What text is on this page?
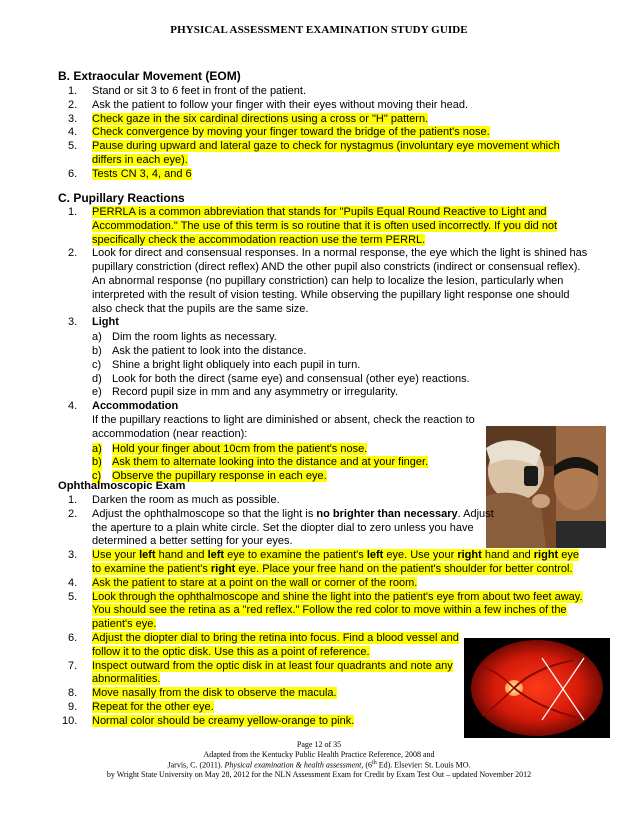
PHYSICAL ASSESSMENT EXAMINATION STUDY GUIDE
B. Extraocular Movement (EOM)
1. Stand or sit 3 to 6 feet in front of the patient.
2. Ask the patient to follow your finger with their eyes without moving their head.
3. Check gaze in the six cardinal directions using a cross or "H" pattern.
4. Check convergence by moving your finger toward the bridge of the patient's nose.
5. Pause during upward and lateral gaze to check for nystagmus (involuntary eye movement which differs in each eye).
6. Tests CN 3, 4, and 6
C. Pupillary Reactions
1. PERRLA is a common abbreviation that stands for "Pupils Equal Round Reactive to Light and Accommodation." The use of this term is so routine that it is often used incorrectly. If you did not specifically check the accommodation reaction use the term PERRL.
2. Look for direct and consensual responses. In a normal response, the eye which the light is shined has pupillary constriction (direct reflex) AND the other pupil also constricts (indirect or consensual reflex). An abnormal response (no pupillary constriction) can help to localize the lesion, particularly when interpreted with the result of vision testing. While observing the pupillary light response one should also check that the pupils are the same size.
3. Light
a) Dim the room lights as necessary.
b) Ask the patient to look into the distance.
c) Shine a bright light obliquely into each pupil in turn.
d) Look for both the direct (same eye) and consensual (other eye) reactions.
e) Record pupil size in mm and any asymmetry or irregularity.
4. Accommodation
If the pupillary reactions to light are diminished or absent, check the reaction to accommodation (near reaction):
a) Hold your finger about 10cm from the patient's nose.
b) Ask them to alternate looking into the distance and at your finger.
c) Observe the pupillary response in each eye.
Ophthalmoscopic Exam
1. Darken the room as much as possible.
2. Adjust the ophthalmoscope so that the light is no brighter than necessary. Adjust the aperture to a plain white circle. Set the diopter dial to zero unless you have determined a better setting for your eyes.
3. Use your left hand and left eye to examine the patient's left eye. Use your right hand and right eye to examine the patient's right eye. Place your free hand on the patient's shoulder for better control.
4. Ask the patient to stare at a point on the wall or corner of the room.
5. Look through the ophthalmoscope and shine the light into the patient's eye from about two feet away. You should see the retina as a "red reflex." Follow the red color to move within a few inches of the patient's eye.
6. Adjust the diopter dial to bring the retina into focus. Find a blood vessel and follow it to the optic disk. Use this as a point of reference.
7. Inspect outward from the optic disk in at least four quadrants and note any abnormalities.
8. Move nasally from the disk to observe the macula.
9. Repeat for the other eye.
10. Normal color should be creamy yellow-orange to pink.
Page 12 of 35
Adapted from the Kentucky Public Health Practice Reference, 2008 and
Jarvis, C. (2011). Physical examination & health assessment, (6th Ed). Elsevier: St. Louis MO.
by Wright State University on May 28, 2012 for the NLN Assessment Exam for Credit by Exam Test Out – updated November 2012
